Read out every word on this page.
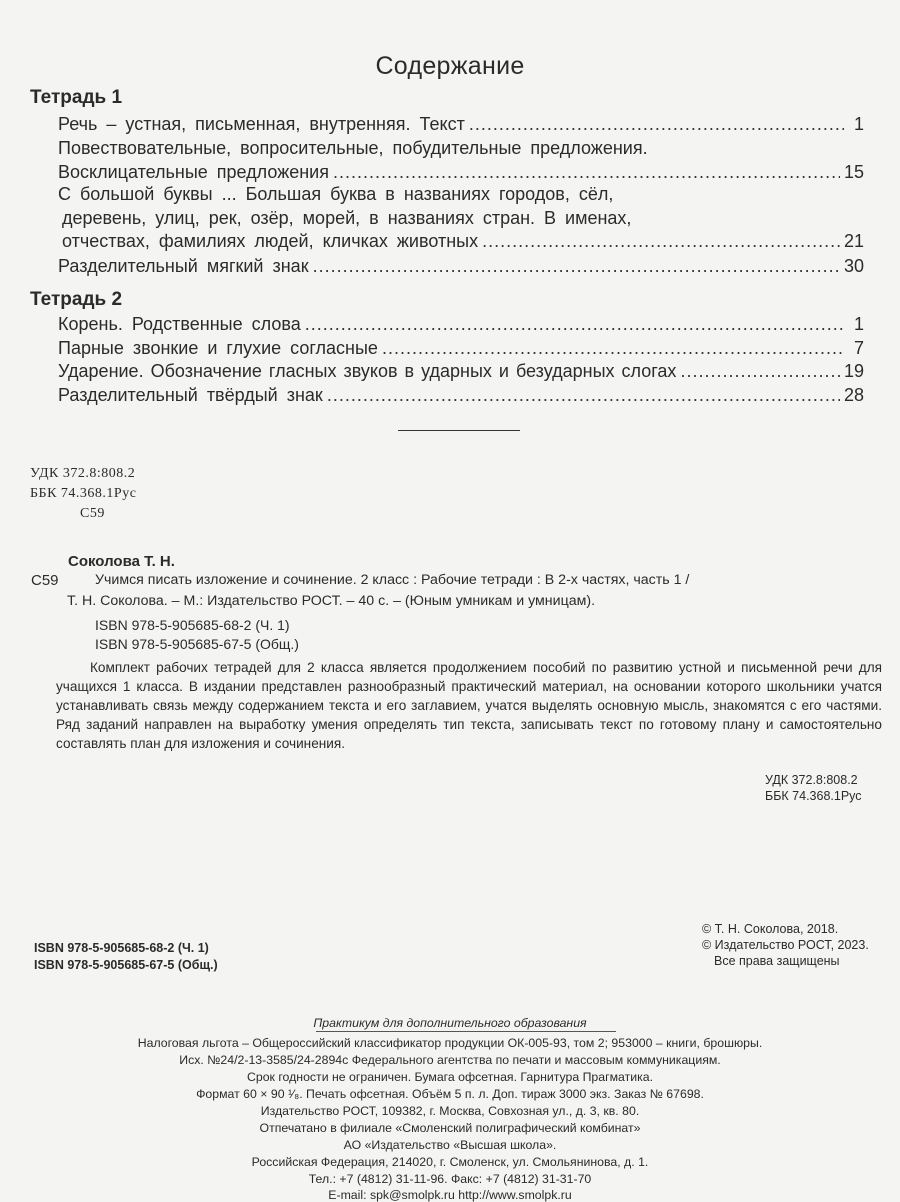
Содержание
Тетрадь 1
Речь – устная, письменная, внутренняя. Текст .....	1
Повествовательные, вопросительные, побудительные предложения.
Восклицательные предложения .....	15
С большой буквы ... Большая буква в названиях городов, сёл,
деревень, улиц, рек, озёр, морей, в названиях стран. В именах,
отчествах, фамилиях людей, кличках животных .....	21
Разделительный мягкий знак .....	30
Тетрадь 2
Корень. Родственные слова .....	1
Парные звонкие и глухие согласные .....	7
Ударение. Обозначение гласных звуков в ударных и безударных слогах .....	19
Разделительный твёрдый знак .....	28
УДК 372.8:808.2
ББК 74.368.1Рус
С59
Соколова Т. Н.
С59	Учимся писать изложение и сочинение. 2 класс : Рабочие тетради : В 2-х частях, часть 1 /
Т. Н. Соколова. – М.: Издательство РОСТ. – 40 с. – (Юным умникам и умницам).
ISBN 978-5-905685-68-2 (Ч. 1)
ISBN 978-5-905685-67-5 (Общ.)
Комплект рабочих тетрадей для 2 класса является продолжением пособий по развитию устной и письменной речи для учащихся 1 класса. В издании представлен разнообразный практический материал, на основании которого школьники учатся устанавливать связь между содержанием текста и его заглавием, учатся выделять основную мысль, знакомятся с его частями. Ряд заданий направлен на выработку умения определять тип текста, записывать текст по готовому плану и самостоятельно составлять план для изложения и сочинения.
УДК 372.8:808.2
ББК 74.368.1Рус
© Т. Н. Соколова, 2018.
© Издательство РОСТ, 2023.
Все права защищены
ISBN 978-5-905685-68-2 (Ч. 1)
ISBN 978-5-905685-67-5 (Общ.)
Практикум для дополнительного образования
Налоговая льгота – Общероссийский классификатор продукции ОК-005-93, том 2; 953000 – книги, брошюры.
Исх. №24/2-13-3585/24-2894с Федерального агентства по печати и массовым коммуникациям.
Срок годности не ограничен. Бумага офсетная. Гарнитура Прагматика.
Формат 60 × 90 ¹⁄₈. Печать офсетная. Объём 5 п. л. Доп. тираж 3000 экз. Заказ № 67698.
Издательство РОСТ, 109382, г. Москва, Совхозная ул., д. 3, кв. 80.
Отпечатано в филиале «Смоленский полиграфический комбинат»
АО «Издательство «Высшая школа».
Российская Федерация, 214020, г. Смоленск, ул. Смольянинова, д. 1.
Тел.: +7 (4812) 31-11-96. Факс: +7 (4812) 31-31-70
E-mail: spk@smolpk.ru http://www.smolpk.ru
